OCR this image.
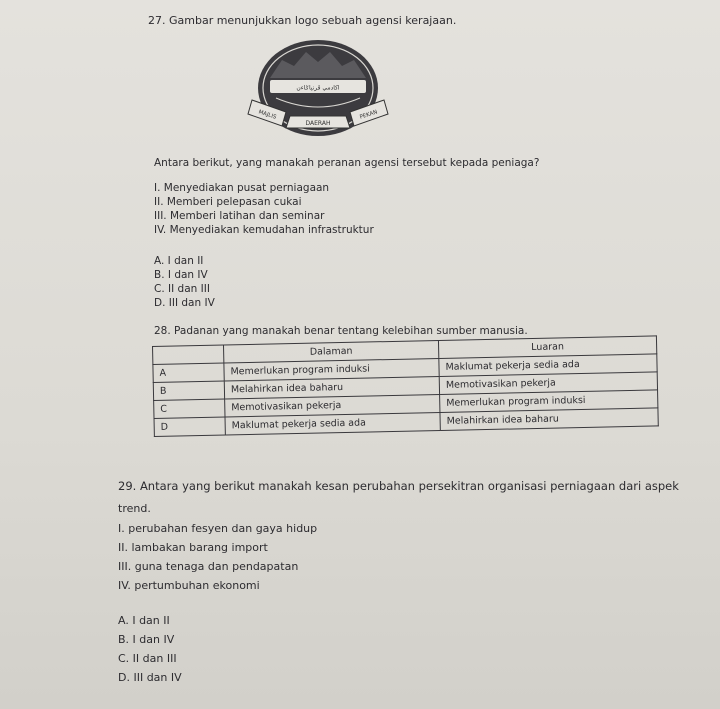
27. Gambar menunjukkan logo sebuah agensi kerajaan.
اکادمي ڤرنياݢاءن
MAJLIS
DAERAH
PEKAN
Antara berikut, yang manakah peranan agensi tersebut kepada peniaga?
I. Menyediakan pusat perniagaan
II. Memberi pelepasan cukai
III. Memberi latihan dan seminar
IV. Menyediakan kemudahan infrastruktur
A. I dan II
B. I dan IV
C. II dan III
D. III dan IV
28. Padanan yang manakah benar tentang kelebihan sumber manusia.
	Dalaman	Luaran
A	Memerlukan program induksi	Maklumat pekerja sedia ada
B	Melahirkan idea baharu	Memotivasikan pekerja
C	Memotivasikan pekerja	Memerlukan program induksi
D	Maklumat pekerja sedia ada	Melahirkan idea baharu
29. Antara yang berikut manakah kesan perubahan persekitran organisasi perniagaan dari aspek
trend.
I. perubahan fesyen dan gaya hidup
II. lambakan barang import
III. guna tenaga dan pendapatan
IV. pertumbuhan ekonomi
A. I dan II
B. I dan IV
C. II dan III
D. III dan IV
